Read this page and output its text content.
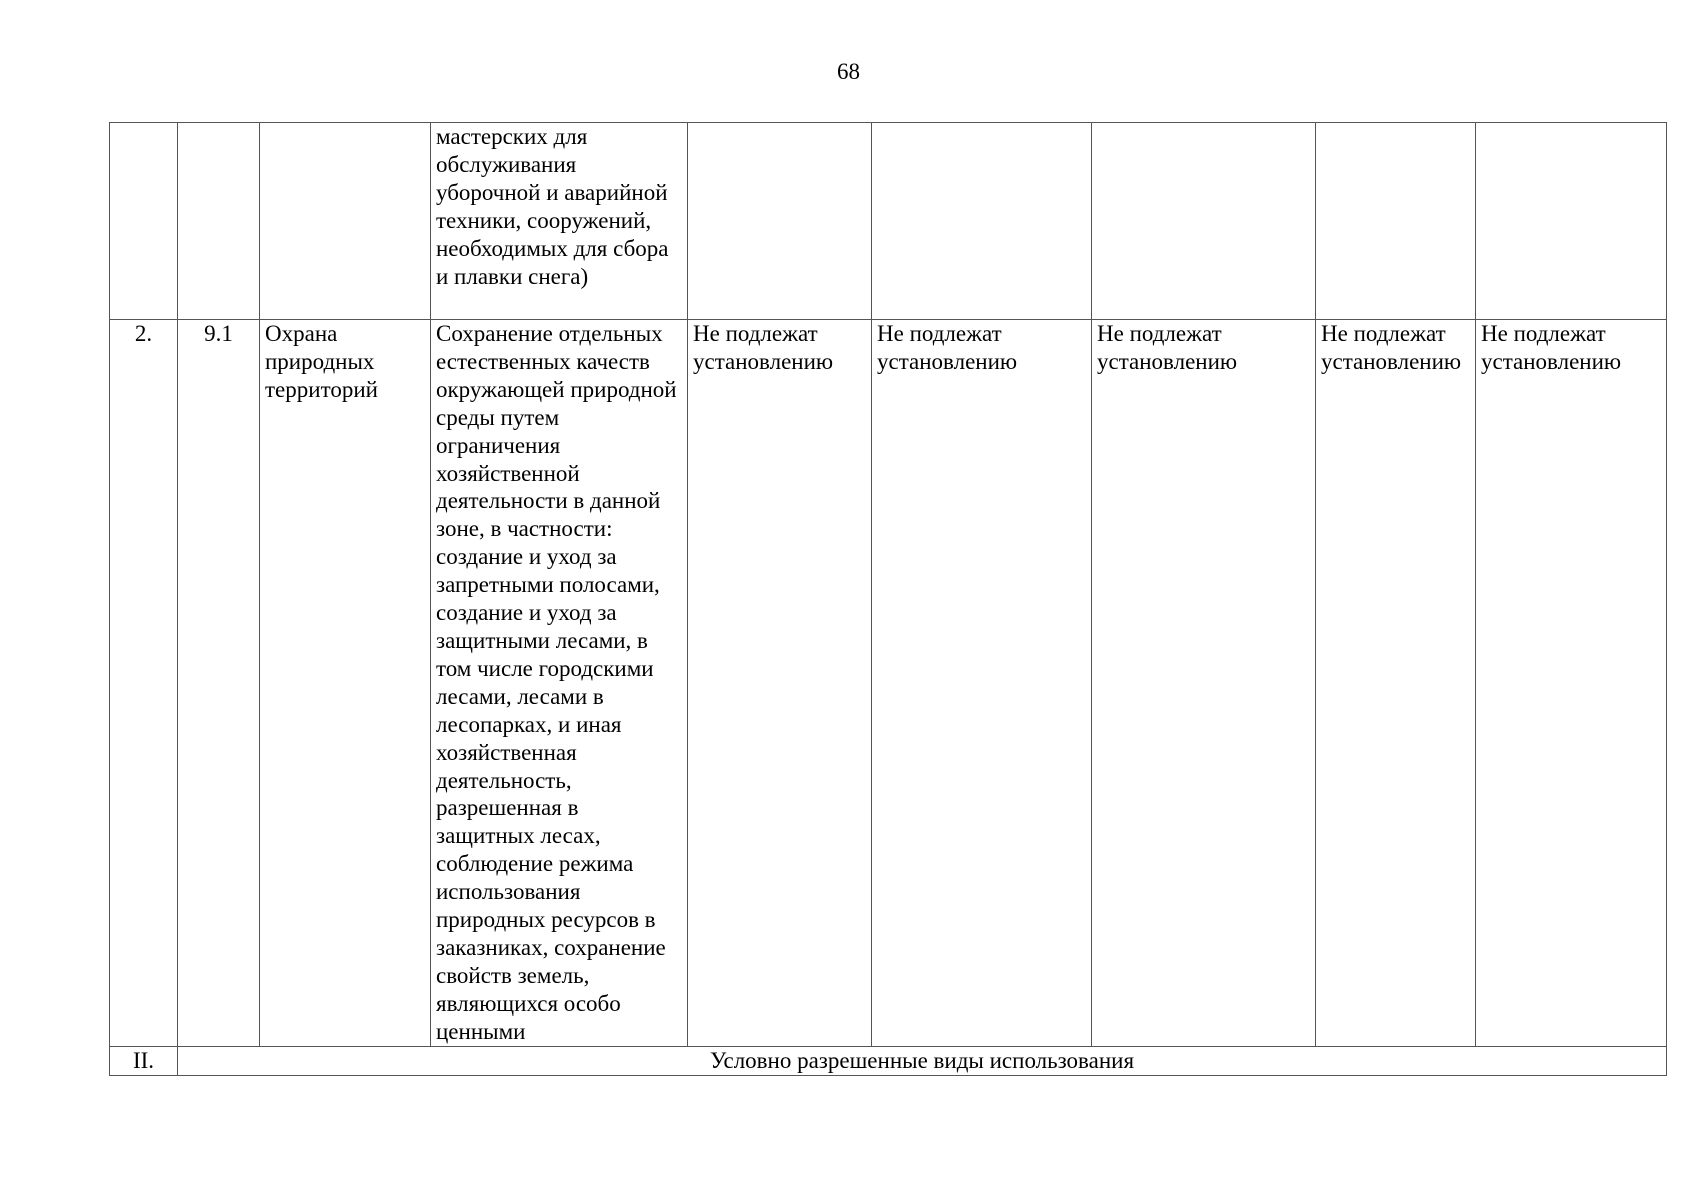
68
			мастерских для обслуживания уборочной и аварийной техники, сооружений, необходимых для сбора и плавки снега)					
2.	9.1	Охрана природных территорий	Сохранение отдельных естественных качеств окружающей природной среды путем ограничения хозяйственной деятельности в данной зоне, в частности: создание и уход за запретными полосами, создание и уход за защитными лесами, в том числе городскими лесами, лесами в лесопарках, и иная хозяйственная деятельность, разрешенная в защитных лесах, соблюдение режима использования природных ресурсов в заказниках, сохранение свойств земель, являющихся особо ценными	Не подлежат установлению	Не подлежат установлению	Не подлежат установлению	Не подлежат установлению	Не подлежат установлению
II.	Условно разрешенные виды использования							
